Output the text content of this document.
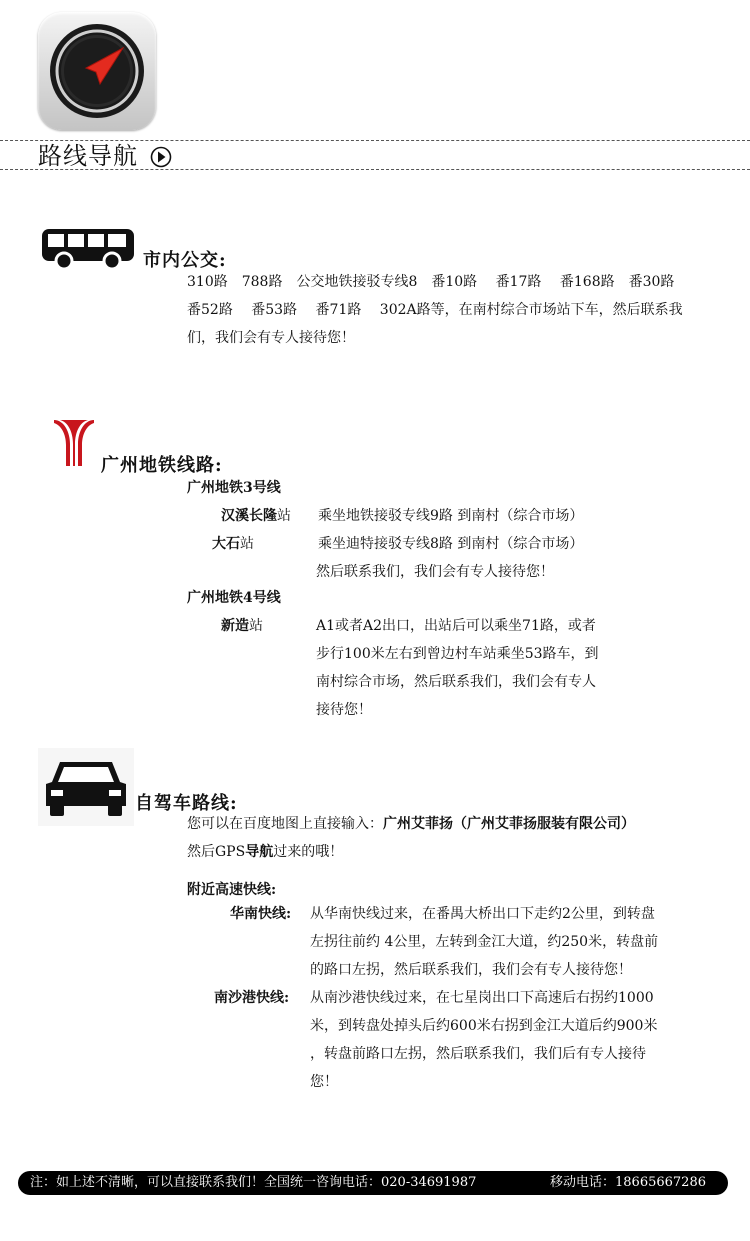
路线导航
市内公交:
310路　788路　公交地铁接驳专线8　番10路　 番17路　 番168路　番30路
番52路　 番53路　 番71路　 302A路等，在南村综合市场站下车，然后联系我
们，我们会有专人接待您！
广州地铁线路:
广州地铁3号线
汉溪长隆站 乘坐地铁接驳专线9路 到南村（综合市场）
大石站	乘坐迪特接驳专线8路 到南村（综合市场）
然后联系我们，我们会有专人接待您！
广州地铁4号线
新造站	A1或者A2出口，出站后可以乘坐71路，或者
步行100米左右到曾边村车站乘坐53路车，到
南村综合市场，然后联系我们，我们会有专人
接待您！
自驾车路线:
您可以在百度地图上直接输入：广州艾菲扬（广州艾菲扬服装有限公司）
然后GPS导航过来的哦！
附近高速快线:
华南快线: 从华南快线过来，在番禺大桥出口下走约2公里，到转盘
左拐往前约 4公里，左转到金江大道，约250米，转盘前
的路口左拐，然后联系我们，我们会有专人接待您！
南沙港快线: 从南沙港快线过来，在七星岗出口下高速后右拐约1000
米，到转盘处掉头后约600米右拐到金江大道后约900米
，转盘前路口左拐，然后联系我们，我们后有专人接待
您！
注：如上述不清晰，可以直接联系我们！全国统一咨询电话：020-34691987	移动电话：18665667286
